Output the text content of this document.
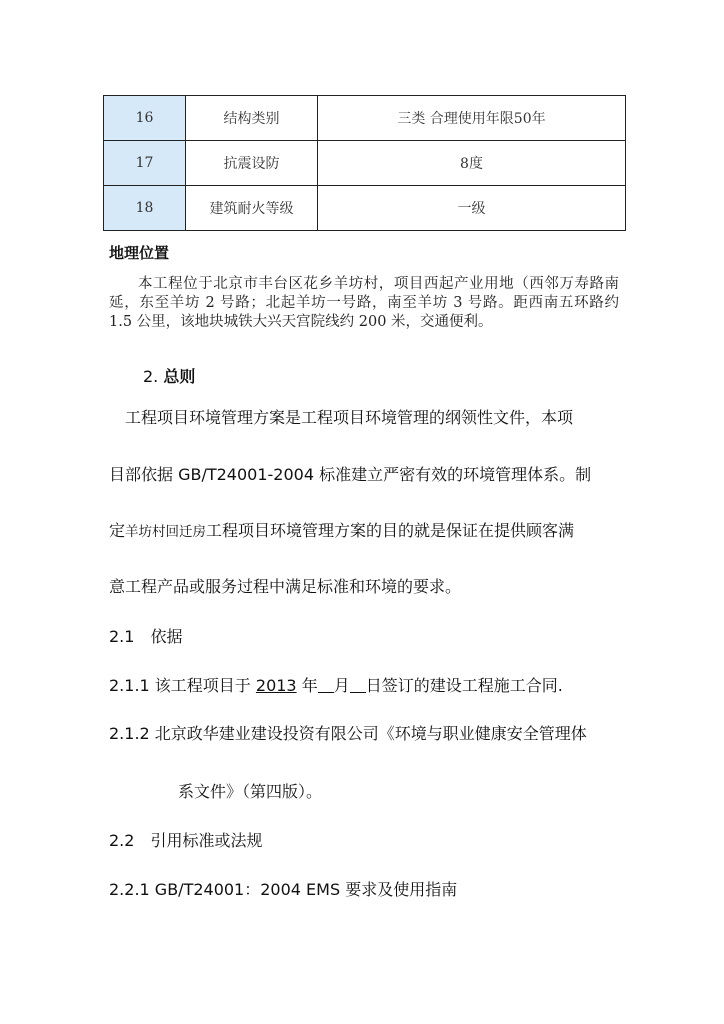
16	结构类别	三类 合理使用年限50年
17	抗震设防	8度
18	建筑耐火等级	一级
地理位置

本工程位于北京市丰台区花乡羊坊村，项目西起产业用地（西邻万寿路南延，东至羊坊 2 号路；北起羊坊一号路，南至羊坊 3 号路。距西南五环路约 1.5 公里，该地块城铁大兴天宫院线约 200 米，交通便利。

2. 总则
工程项目环境管理方案是工程项目环境管理的纲领性文件，本项
目部依据 GB/T24001-2004 标准建立严密有效的环境管理体系。制
定羊坊村回迁房工程项目环境管理方案的目的就是保证在提供顾客满
意工程产品或服务过程中满足标准和环境的要求。
2.1　依据
2.1.1 该工程项目于 2013 年 月 日签订的建设工程施工合同.
2.1.2 北京政华建业建设投资有限公司《环境与职业健康安全管理体
系文件》（第四版）。
2.2　引用标准或法规
2.2.1 GB/T24001：2004 EMS 要求及使用指南
